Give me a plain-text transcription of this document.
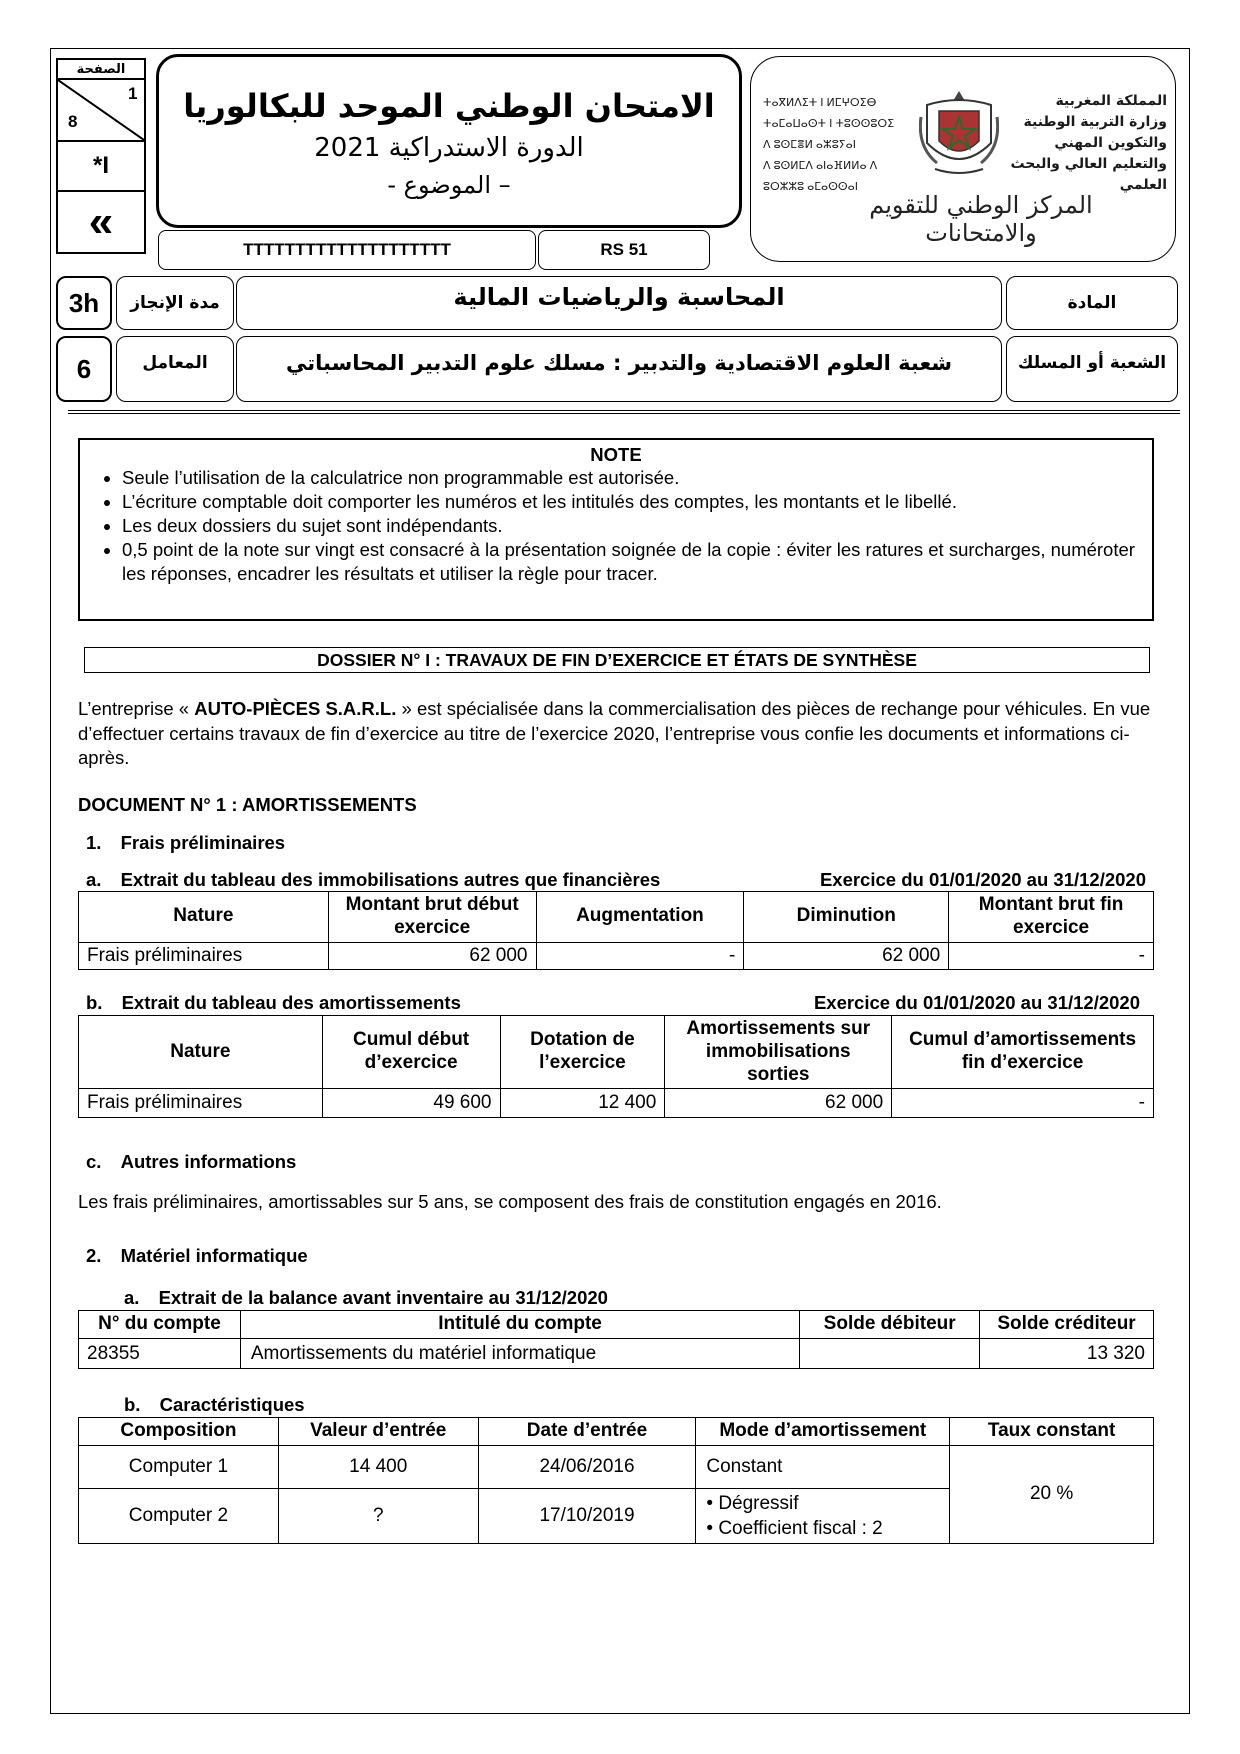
الصفحة
1
8
*I
«
الامتحان الوطني الموحد للبكالوريا
الدورة الاستدراكية 2021
– الموضوع -
TTTTTTTTTTTTTTTTTTTT	RS 51
ⵜⴰⴳⵍⴷⵉⵜ ⵏ ⵍⵎⵖⵔⵉⴱ
ⵜⴰⵎⴰⵡⴰⵙⵜ ⵏ ⵜⵓⵙⵙⵓⵔⵉ
ⴷ ⵓⵙⵎⴻⵍ ⴰⵣⵓⵢⴰⵏ
ⴷ ⵓⵙⵍⵎⴷ ⴰⵏⴰⴼⵍⵍⴰ ⴷ ⵓⵔⵣⵣⵓ ⴰⵎⴰⵙⵙⴰⵏ
المملكة المغربية
وزارة التربية الوطنية
والتكوين المهني
والتعليم العالي والبحث العلمي
المركز الوطني للتقويم والامتحانات
3h	مدة الإنجاز	المحاسبة والرياضيات المالية	المادة
6	المعامل	شعبة العلوم الاقتصادية والتدبير : مسلك علوم التدبير المحاسباتي	الشعبة أو المسلك
NOTE
• Seule l’utilisation de la calculatrice non programmable est autorisée.
• L’écriture comptable doit comporter les numéros et les intitulés des comptes, les montants et le libellé.
• Les deux dossiers du sujet sont indépendants.
• 0,5 point de la note sur vingt est consacré à la présentation soignée de la copie : éviter les ratures et surcharges, numéroter les réponses, encadrer les résultats et utiliser la règle pour tracer.
DOSSIER N° I : TRAVAUX DE FIN D’EXERCICE ET ÉTATS DE SYNTHÈSE
L’entreprise « AUTO-PIÈCES S.A.R.L. » est spécialisée dans la commercialisation des pièces de rechange pour véhicules. En vue d’effectuer certains travaux de fin d’exercice au titre de l’exercice 2020, l’entreprise vous confie les documents et informations ci-après.
DOCUMENT N° 1 : AMORTISSEMENTS
1. Frais préliminaires
a. Extrait du tableau des immobilisations autres que financières	Exercice du 01/01/2020 au 31/12/2020
Nature	Montant brut début exercice	Augmentation	Diminution	Montant brut fin exercice
Frais préliminaires	62 000	-	62 000	-
b. Extrait du tableau des amortissements	Exercice du 01/01/2020 au 31/12/2020
Nature	Cumul début d’exercice	Dotation de l’exercice	Amortissements sur immobilisations sorties	Cumul d’amortissements fin d’exercice
Frais préliminaires	49 600	12 400	62 000	-
c. Autres informations
Les frais préliminaires, amortissables sur 5 ans, se composent des frais de constitution engagés en 2016.
2. Matériel informatique
a. Extrait de la balance avant inventaire au 31/12/2020
N° du compte	Intitulé du compte	Solde débiteur	Solde créditeur
28355	Amortissements du matériel informatique		13 320
b. Caractéristiques
Composition	Valeur d’entrée	Date d’entrée	Mode d’amortissement	Taux constant
Computer 1	14 400	24/06/2016	Constant	20 %
Computer 2	?	17/10/2019	• Dégressif
• Coefficient fiscal : 2	
